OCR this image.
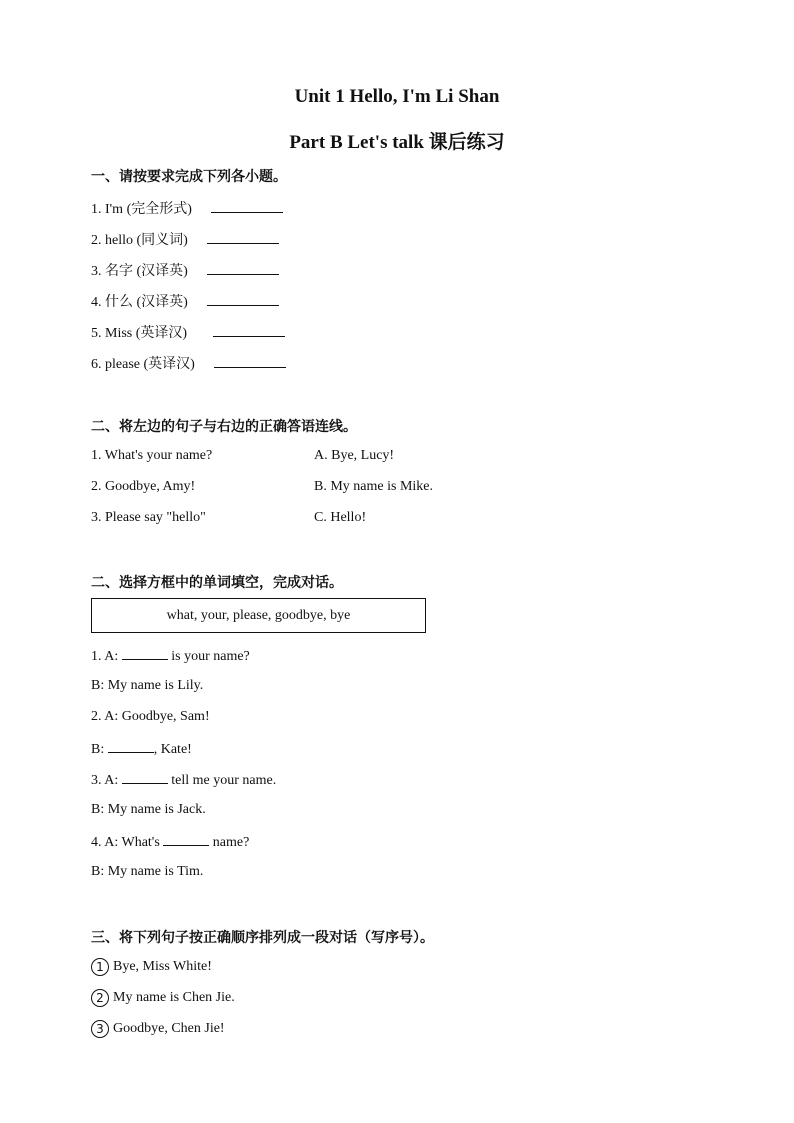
Unit 1 Hello, I'm Li Shan
Part B Let's talk 课后练习
一、请按要求完成下列各小题。
1. I'm (完全形式)
2. hello (同义词)
3. 名字 (汉译英)
4. 什么 (汉译英)
5. Miss (英译汉)
6. please (英译汉)
二、将左边的句子与右边的正确答语连线。
1. What's your name?	A. Bye, Lucy!
2. Goodbye, Amy!	B. My name is Mike.
3. Please say "hello"	C. Hello!
二、选择方框中的单词填空，完成对话。
what, your, please, goodbye, bye
1. A:	is your name?
B: My name is Lily.
2. A: Goodbye, Sam!
B:	, Kate!
3. A:	tell me your name.
B: My name is Jack.
4. A: What's	name?
B: My name is Tim.
三、将下列句子按正确顺序排列成一段对话（写序号）。
1 Bye, Miss White!
2 My name is Chen Jie.
3 Goodbye, Chen Jie!
